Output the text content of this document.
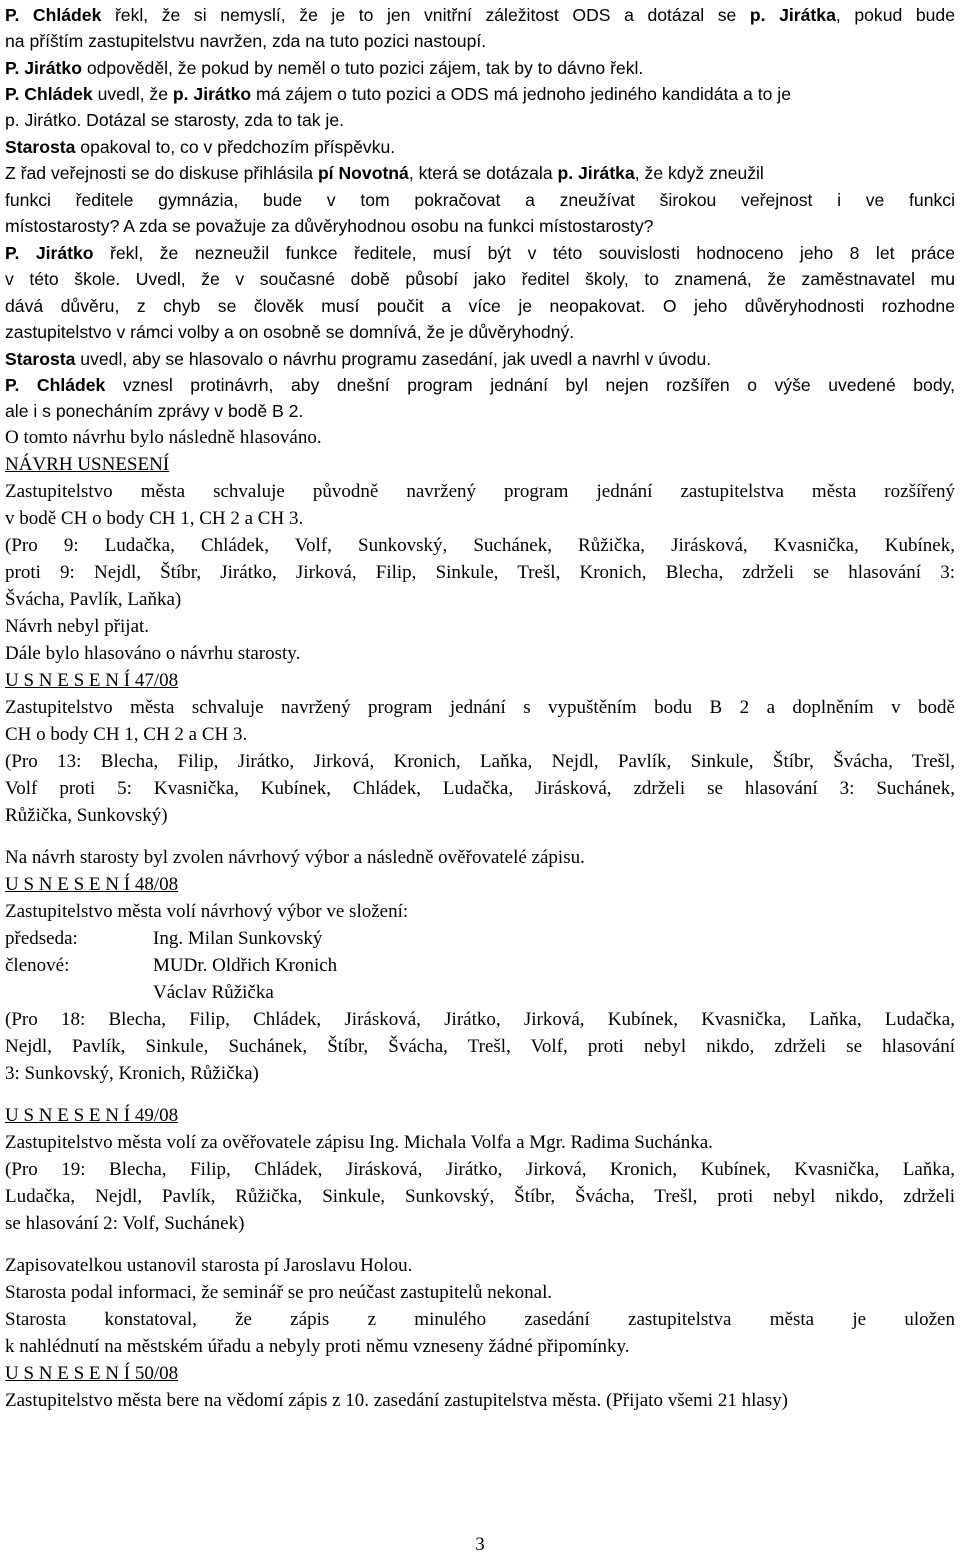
P. Chládek řekl, že si nemyslí, že je to jen vnitřní záležitost ODS a dotázal se p. Jirátka, pokud bude
na příštím zastupitelstvu navržen, zda na tuto pozici nastoupí.
P. Jirátko odpověděl, že pokud by neměl o tuto pozici zájem, tak by to dávno řekl.
P. Chládek uvedl, že p. Jirátko má zájem o tuto pozici a ODS má jednoho jediného kandidáta a to je
p. Jirátko. Dotázal se starosty, zda to tak je.
Starosta opakoval to, co v předchozím příspěvku.
Z řad veřejnosti se do diskuse přihlásila pí Novotná, která se dotázala p. Jirátka, že když zneužil
funkci ředitele gymnázia, bude v tom pokračovat a zneužívat širokou veřejnost i ve funkci
místostarosty? A zda se považuje za důvěryhodnou osobu na funkci místostarosty?
P. Jirátko řekl, že nezneužil funkce ředitele, musí být v této souvislosti hodnoceno jeho 8 let práce
v této škole. Uvedl, že v současné době působí jako ředitel školy, to znamená, že zaměstnavatel mu
dává důvěru, z chyb se člověk musí poučit a více je neopakovat. O jeho důvěryhodnosti rozhodne
zastupitelstvo v rámci volby a on osobně se domnívá, že je důvěryhodný.
Starosta uvedl, aby se hlasovalo o návrhu programu zasedání, jak uvedl a navrhl v úvodu.
P. Chládek vznesl protinávrh, aby dnešní program jednání byl nejen rozšířen o výše uvedené body,
ale i s ponecháním zprávy v bodě B 2.
O tomto návrhu bylo následně hlasováno.
NÁVRH USNESENÍ
Zastupitelstvo města schvaluje původně navržený program jednání zastupitelstva města rozšířený
v bodě CH o body CH 1, CH 2 a CH 3.
(Pro 9: Ludačka, Chládek, Volf, Sunkovský, Suchánek, Růžička, Jirásková, Kvasnička, Kubínek,
proti 9: Nejdl, Štíbr, Jirátko, Jirková, Filip, Sinkule, Trešl, Kronich, Blecha, zdrželi se hlasování 3:
Švácha, Pavlík, Laňka)
Návrh nebyl přijat.
Dále bylo hlasováno o návrhu starosty.
U S N E S E N Í 47/08
Zastupitelstvo města schvaluje navržený program jednání s vypuštěním bodu B 2 a doplněním v bodě
CH o body CH 1, CH 2 a CH 3.
(Pro 13: Blecha, Filip, Jirátko, Jirková, Kronich, Laňka, Nejdl, Pavlík, Sinkule, Štíbr, Švácha, Trešl,
Volf proti 5: Kvasnička, Kubínek, Chládek, Ludačka, Jirásková, zdrželi se hlasování 3: Suchánek,
Růžička, Sunkovský)
Na návrh starosty byl zvolen návrhový výbor a následně ověřovatelé zápisu.
U S N E S E N Í 48/08
Zastupitelstvo města volí návrhový výbor ve složení:
předseda:	Ing. Milan Sunkovský
členové:	MUDr. Oldřich Kronich
Václav Růžička
(Pro 18: Blecha, Filip, Chládek, Jirásková, Jirátko, Jirková, Kubínek, Kvasnička, Laňka, Ludačka,
Nejdl, Pavlík, Sinkule, Suchánek, Štíbr, Švácha, Trešl, Volf, proti nebyl nikdo, zdrželi se hlasování
3: Sunkovský, Kronich, Růžička)
U S N E S E N Í 49/08
Zastupitelstvo města volí za ověřovatele zápisu Ing. Michala Volfa a Mgr. Radima Suchánka.
(Pro 19: Blecha, Filip, Chládek, Jirásková, Jirátko, Jirková, Kronich, Kubínek, Kvasnička, Laňka,
Ludačka, Nejdl, Pavlík, Růžička, Sinkule, Sunkovský, Štíbr, Švácha, Trešl, proti nebyl nikdo, zdrželi
se hlasování 2: Volf, Suchánek)
Zapisovatelkou ustanovil starosta pí Jaroslavu Holou.
Starosta podal informaci, že seminář se pro neúčast zastupitelů nekonal.
Starosta konstatoval, že zápis z minulého zasedání zastupitelstva města je uložen
k nahlédnutí na městském úřadu a nebyly proti němu vzneseny žádné připomínky.
U S N E S E N Í 50/08
Zastupitelstvo města bere na vědomí zápis z 10. zasedání zastupitelstva města. (Přijato všemi 21 hlasy)
3
